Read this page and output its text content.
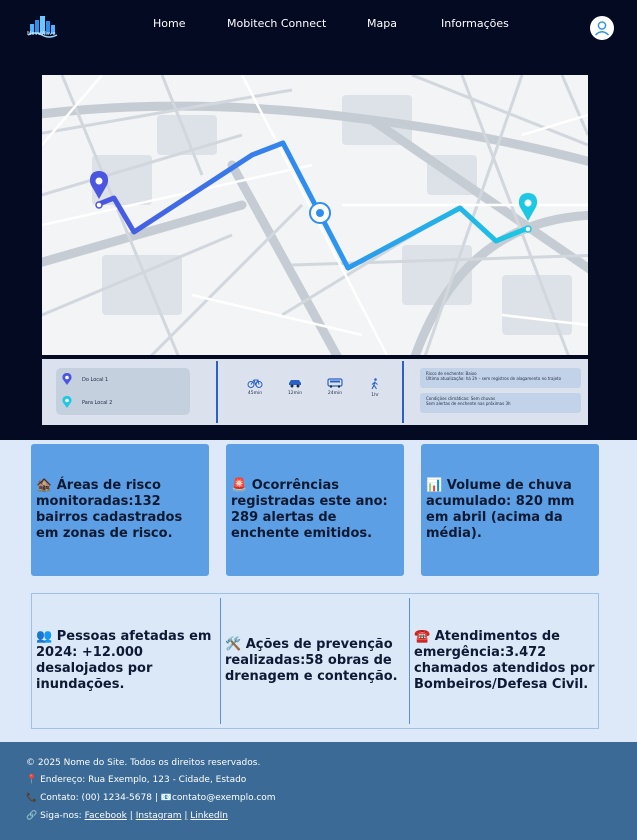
MoveWave
Home	Mobitech Connect	Mapa	Informações
Do Local 1
Para Local 2
45min	12min	24min	1hr
Risco de enchente: Baixo
Última atualização: há 2h – sem registros de alagamento no trajeto
Condições climáticas: Sem chuvas
Sem alertas de enchente nas próximas 3h

🏚️ Áreas de risco monitoradas:132 bairros cadastrados em zonas de risco.

🚨 Ocorrências registradas este ano: 289 alertas de enchente emitidos.

📊 Volume de chuva acumulado: 820 mm em abril (acima da média).

👥 Pessoas afetadas em 2024: +12.000 desalojados por inundações.

🛠️ Ações de prevenção realizadas:58 obras de drenagem e contenção.

☎️ Atendimentos de emergência:3.472 chamados atendidos por Bombeiros/Defesa Civil.

© 2025 Nome do Site. Todos os direitos reservados.
📍 Endereço: Rua Exemplo, 123 - Cidade, Estado
📞 Contato: (00) 1234-5678 | 📧contato@exemplo.com
🔗 Siga-nos: Facebook | Instagram | LinkedIn
